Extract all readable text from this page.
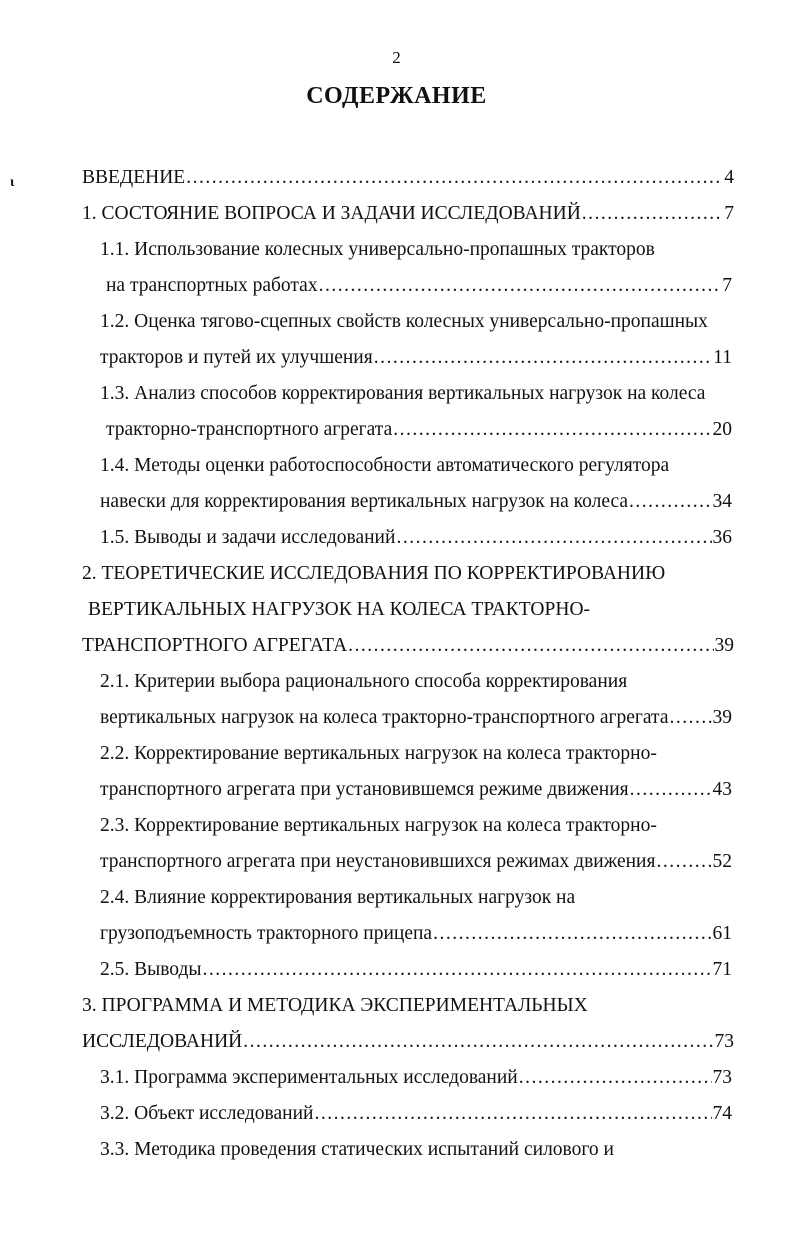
2
СОДЕРЖАНИЕ
ɩ	ВВЕДЕНИЕ .....	4
1. СОСТОЯНИЕ ВОПРОСА И ЗАДАЧИ ИССЛЕДОВАНИЙ .....	7
1.1. Использование колесных универсально-пропашных тракторов
на транспортных работах .....	7
1.2. Оценка тягово-сцепных свойств колесных универсально-пропашных
тракторов и путей их улучшения .....	11
1.3. Анализ способов корректирования вертикальных нагрузок на колеса
тракторно-транспортного агрегата .....	20
1.4. Методы оценки работоспособности автоматического регулятора
навески для корректирования вертикальных нагрузок на колеса .....	34
1.5. Выводы и задачи исследований .....	36
2. ТЕОРЕТИЧЕСКИЕ ИССЛЕДОВАНИЯ ПО КОРРЕКТИРОВАНИЮ
ВЕРТИКАЛЬНЫХ НАГРУЗОК НА КОЛЕСА ТРАКТОРНО-
ТРАНСПОРТНОГО АГРЕГАТА .....	39
2.1. Критерии выбора рационального способа корректирования
вертикальных нагрузок на колеса тракторно-транспортного агрегата ..... 39
2.2. Корректирование вертикальных нагрузок на колеса тракторно-
транспортного агрегата при установившемся режиме движения .....	43
2.3. Корректирование вертикальных нагрузок на колеса тракторно-
транспортного агрегата при неустановившихся режимах движения .....	52
2.4. Влияние корректирования вертикальных нагрузок на
грузоподъемность тракторного прицепа .....	61
2.5. Выводы .....	71
3. ПРОГРАММА И МЕТОДИКА ЭКСПЕРИМЕНТАЛЬНЫХ
ИССЛЕДОВАНИЙ .....	73
3.1. Программа экспериментальных исследований .....	73
3.2. Объект исследований .....	74
3.3. Методика проведения статических испытаний силового и
